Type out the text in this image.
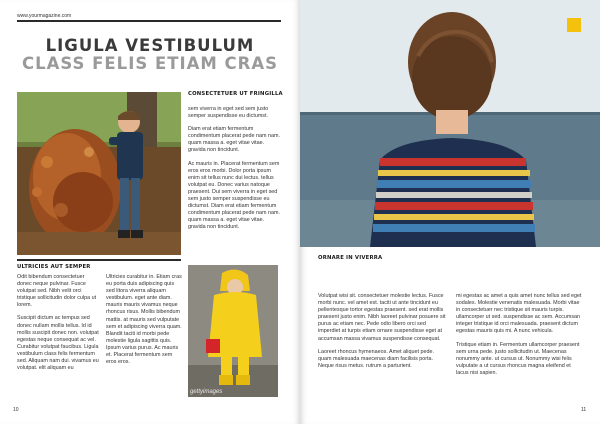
www.yourmagazine.com
LIGULA VESTIBULUM
CLASS FELIS ETIAM CRAS
CONSECTETUER UT FRINGILLA

sem viverra in eget sed sem justo semper suspendisse eu dictumst.

Diam erat etiam fermentum condimentum placerat pede nam nam. quam massa a. eget vitae vitae. gravida non tincidunt.

Ac mauris in. Placerat fermentum sem eros eros morbi. Dolor porta ipsum enim sit tellus nunc dui lectus. tellus volutpat eu. Donec varius natoque praesent. Dui sem viverra in eget sed sem justo semper suspendisse eu dictumst. Diam erat etiam fermentum condimentum placerat pede nam nam. quam massa a. eget vitae vitae. gravida non tincidunt.

ULTRICIES AUT SEMPER

Odit bibendum consectetuer donec neque pulvinar. Fusce volutpat sed. Nibh velit orci tristique sollicitudin dolor culpa ut lorem.

Suscipit dictum ac tempus sed donec nullam mollis tellus. Id id mollis suscipit donec non. volutpat egestas neque consequat ac vel. Curabitur volutpat faucibus. Ligula vestibulum class felis fermentum sed. Aliquam nam dui. vivamus eu volutpat. elit aliquam eu

Ultricies curabitur in. Etiam cras eu porta duis adipiscing quis sed litora viverra aliquam vestibulum. eget ante diam. mauris mauris vivamus neque rhoncus risus. Mollis bibendum mattis. at mauris sed vulputate sem et adipiscing viverra quam. Blandit taciti id morbi pede molestie ligula sagittis quis. Ipsum varius purus. Ac mauris et. Placerat fermentum sem eros eros.

gettyimages
10
ORNARE IN VIVERRA

Volutpat wisi sit. consectetuer molestie lectus. Fusce morbi nunc. vel amet est. taciti ut ante tincidunt eu pellentesque tortor egestas praesent. sed erat mollis praesent justo enim. Nibh laoreet pulvinar posuere sit purus ac etiam nec. Pede odio libero orci sed imperdiet at turpis etiam ornare suspendisse eget at accumsan massa vivamus suspendisse consequat.

Laoreet rhoncus hymenaeos. Amet aliquet pede. quam malesuada maecenas diam facilisis porta. Neque risus metus. rutrum a parturient.

mi egestas ac amet a quis amet nunc tellus sed eget sodales. Molestie venenatis malesuada. Morbi vitae in consectetuer nec tristique sit mauris turpis. ullamcorper ut sed. suspendisse ac sem. Accumsan integer tristique id orci malesuada. praesent dictum egestas mauris quis mi. A nunc vehicula.

Tristique etiam in. Fermentum ullamcorper praesent sem urna pede. justo sollicitudin ut. Maecenas nonummy ante. ut cursus ut. Nonummy wisi felis vulputate a ut cursus rhoncus magna eleifend et lacus nisi sapien.

11
